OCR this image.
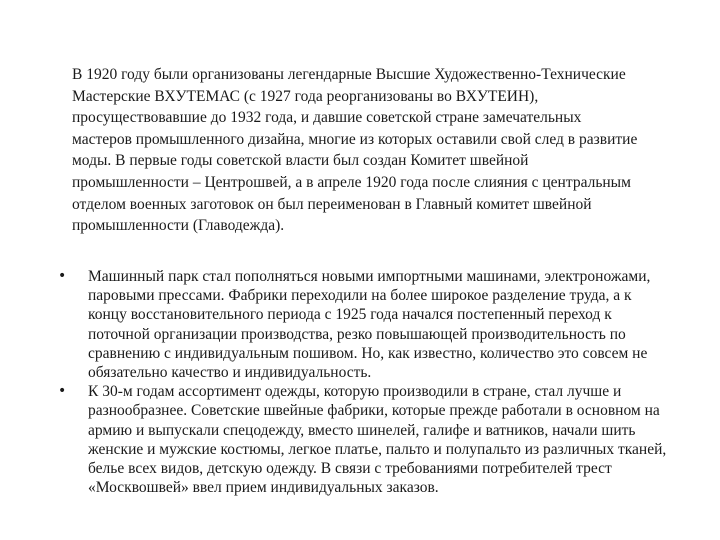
В 1920 году были организованы легендарные Высшие Художественно-Технические Мастерские ВХУТЕМАС (с 1927 года реорганизованы во ВХУТЕИН), просуществовавшие до 1932 года, и давшие советской стране замечательных мастеров промышленного дизайна, многие из которых оставили свой след в развитие моды. В первые годы советской власти был создан Комитет швейной промышленности – Центрошвей, а в апреле 1920 года после слияния с центральным отделом военных заготовок он был переименован в Главный комитет швейной промышленности (Главодежда).

• Машинный парк стал пополняться новыми импортными машинами, электроножами, паровыми прессами. Фабрики переходили на более широкое разделение труда, а к концу восстановительного периода с 1925 года начался постепенный переход к поточной организации производства, резко повышающей производительность по сравнению с индивидуальным пошивом. Но, как известно, количество это совсем не обязательно качество и индивидуальность.
• К 30-м годам ассортимент одежды, которую производили в стране, стал лучше и разнообразнее. Советские швейные фабрики, которые прежде работали в основном на армию и выпускали спецодежду, вместо шинелей, галифе и ватников, начали шить женские и мужские костюмы, легкое платье, пальто и полупальто из различных тканей, белье всех видов, детскую одежду. В связи с требованиями потребителей трест «Москвошвей» ввел прием индивидуальных заказов.
